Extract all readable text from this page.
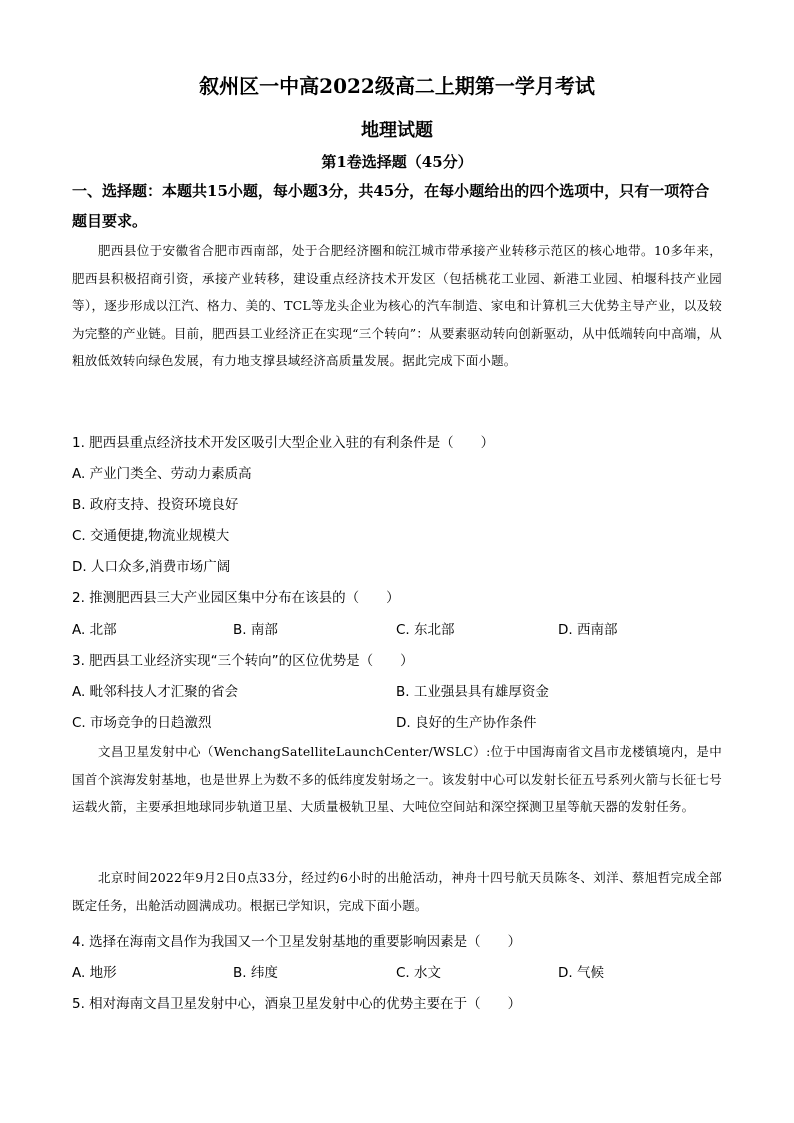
叙州区一中高2022级高二上期第一学月考试
地理试题
第1卷选择题（45分）
一、选择题：本题共15小题，每小题3分，共45分，在每小题给出的四个选项中，只有一项符合题目要求。
肥西县位于安徽省合肥市西南部，处于合肥经济圈和皖江城市带承接产业转移示范区的核心地带。10多年来，肥西县积极招商引资，承接产业转移，建设重点经济技术开发区（包括桃花工业园、新港工业园、柏堰科技产业园等），逐步形成以江汽、格力、美的、TCL等龙头企业为核心的汽车制造、家电和计算机三大优势主导产业，以及较为完整的产业链。目前，肥西县工业经济正在实现“三个转向”：从要素驱动转向创新驱动，从中低端转向中高端，从粗放低效转向绿色发展，有力地支撑县域经济高质量发展。据此完成下面小题。
1. 肥西县重点经济技术开发区吸引大型企业入驻的有利条件是（　　）
A. 产业门类全、劳动力素质高
B. 政府支持、投资环境良好
C. 交通便捷,物流业规模大
D. 人口众多,消费市场广阔
2. 推测肥西县三大产业园区集中分布在该县的（　　）
A. 北部	B. 南部	C. 东北部	D. 西南部
3. 肥西县工业经济实现“三个转向”的区位优势是（　　）
A. 毗邻科技人才汇聚的省会	B. 工业强县具有雄厚资金
C. 市场竞争的日趋激烈	D. 良好的生产协作条件
文昌卫星发射中心（WenchangSatelliteLaunchCenter/WSLC）:位于中国海南省文昌市龙楼镇境内，是中国首个滨海发射基地，也是世界上为数不多的低纬度发射场之一。该发射中心可以发射长征五号系列火箭与长征七号运载火箭，主要承担地球同步轨道卫星、大质量极轨卫星、大吨位空间站和深空探测卫星等航天器的发射任务。
北京时间2022年9月2日0点33分，经过约6小时的出舱活动，神舟十四号航天员陈冬、刘洋、蔡旭哲完成全部既定任务，出舱活动圆满成功。根据已学知识，完成下面小题。
4. 选择在海南文昌作为我国又一个卫星发射基地的重要影响因素是（　　）
A. 地形	B. 纬度	C. 水文	D. 气候
5. 相对海南文昌卫星发射中心，酒泉卫星发射中心的优势主要在于（　　）
